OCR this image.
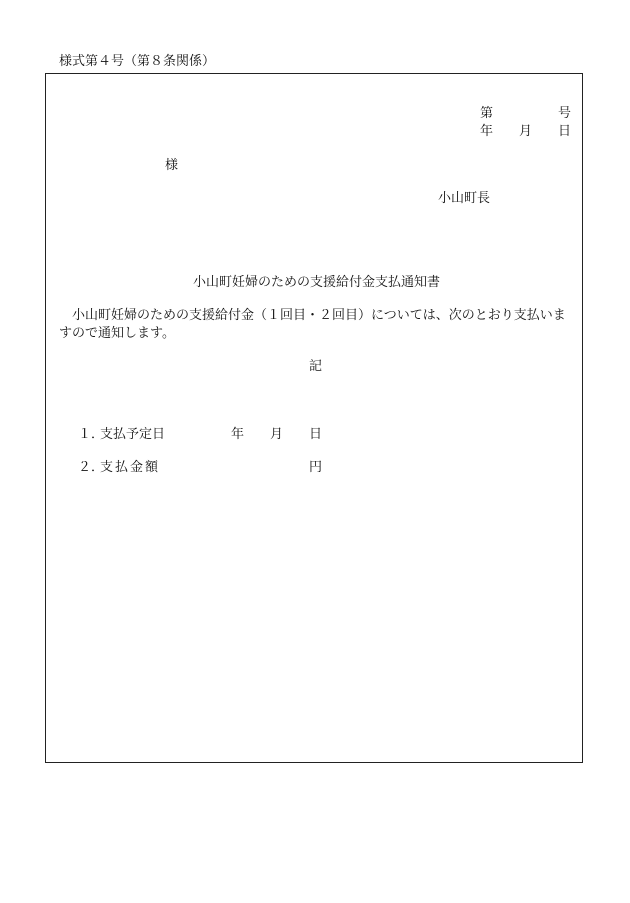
様式第４号（第８条関係）
第	号
年 月 日
様
小山町長
小山町妊婦のための支援給付金支払通知書
小山町妊婦のための支援給付金（１回目・２回目）については、次のとおり支払いますので通知します。
記
１．
支払予定日	年 月 日
２．
支払金額	円
